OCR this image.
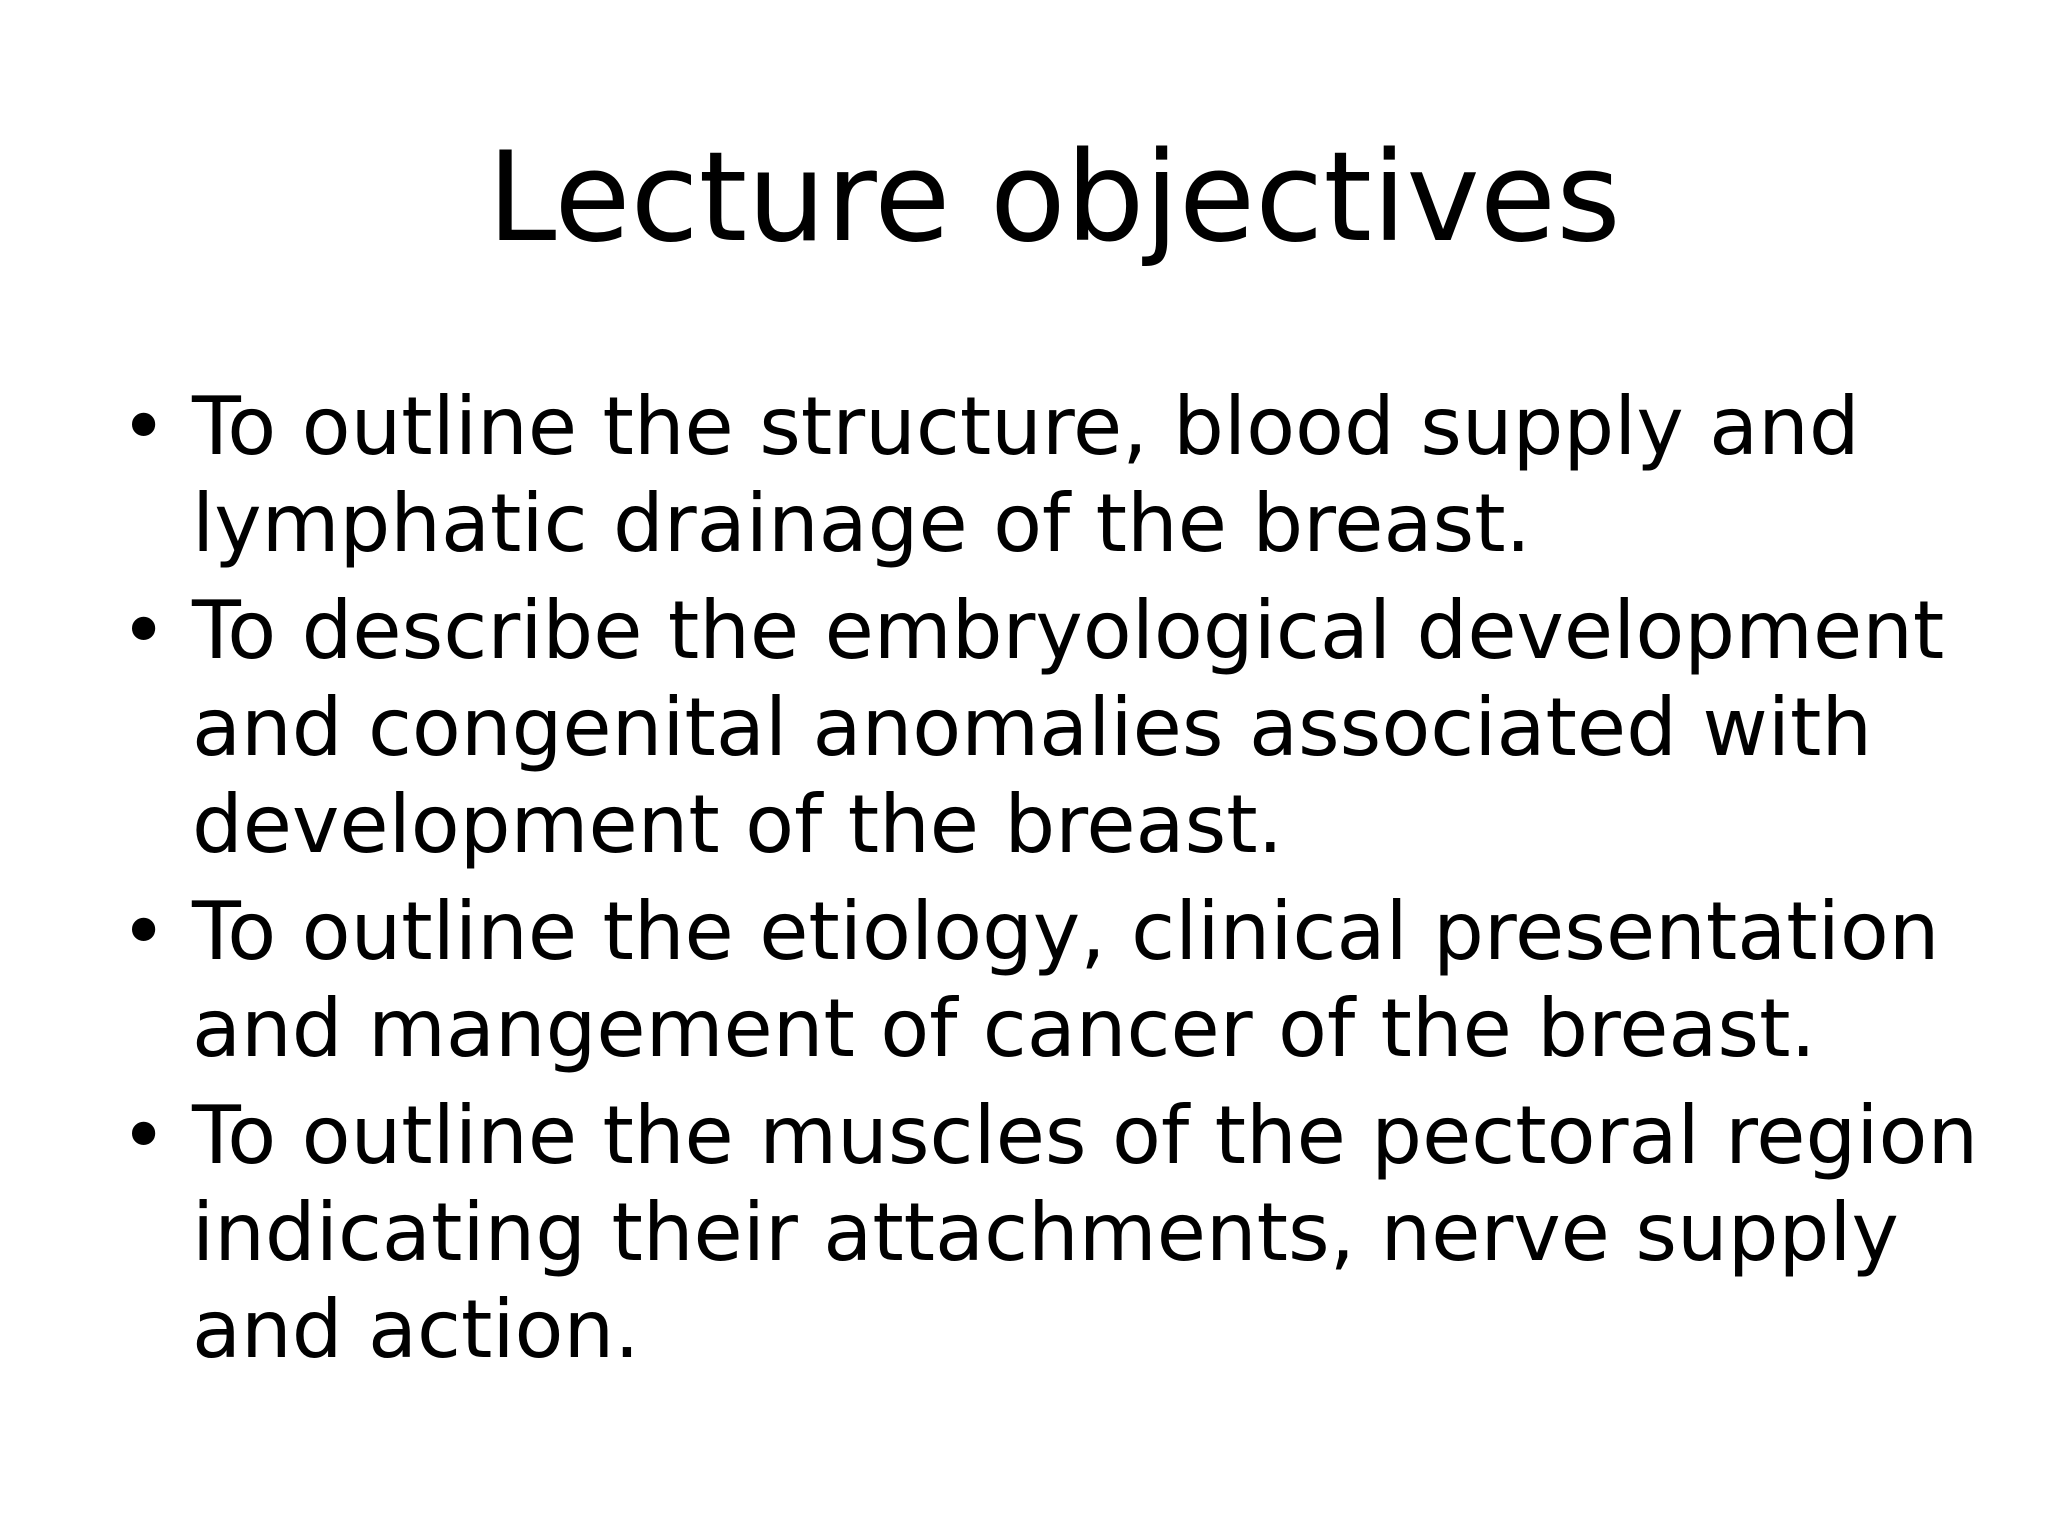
Lecture objectives
• To outline the structure, blood supply and
lymphatic drainage of the breast.
• To describe the embryological development
and congenital anomalies associated with
development of the breast.
• To outline the etiology, clinical presentation
and mangement of cancer of the breast.
• To outline the muscles of the pectoral region
indicating their attachments, nerve supply
and action.
